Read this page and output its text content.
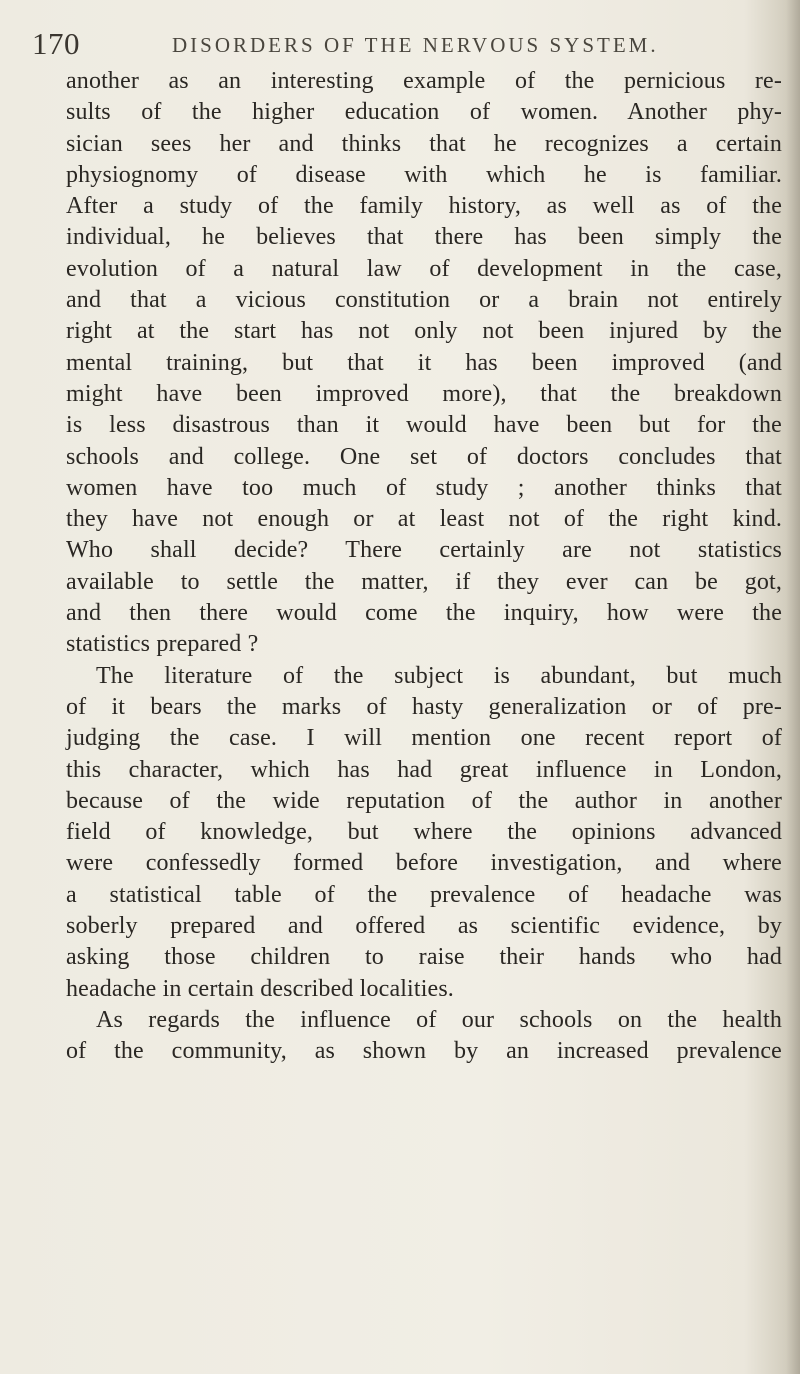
170	DISORDERS OF THE NERVOUS SYSTEM.
another as an interesting example of the pernicious re-
sults of the higher education of women. Another phy-
sician sees her and thinks that he recognizes a certain
physiognomy of disease with which he is familiar.
After a study of the family history, as well as of the
individual, he believes that there has been simply the
evolution of a natural law of development in the case,
and that a vicious constitution or a brain not entirely
right at the start has not only not been injured by the
mental training, but that it has been improved (and
might have been improved more), that the breakdown
is less disastrous than it would have been but for the
schools and college. One set of doctors concludes that
women have too much of study ; another thinks that
they have not enough or at least not of the right kind.
Who shall decide? There certainly are not statistics
available to settle the matter, if they ever can be got,
and then there would come the inquiry, how were the
statistics prepared ?
The literature of the subject is abundant, but much
of it bears the marks of hasty generalization or of pre-
judging the case. I will mention one recent report of
this character, which has had great influence in London,
because of the wide reputation of the author in another
field of knowledge, but where the opinions advanced
were confessedly formed before investigation, and where
a statistical table of the prevalence of headache was
soberly prepared and offered as scientific evidence, by
asking those children to raise their hands who had
headache in certain described localities.
As regards the influence of our schools on the health
of the community, as shown by an increased prevalence
